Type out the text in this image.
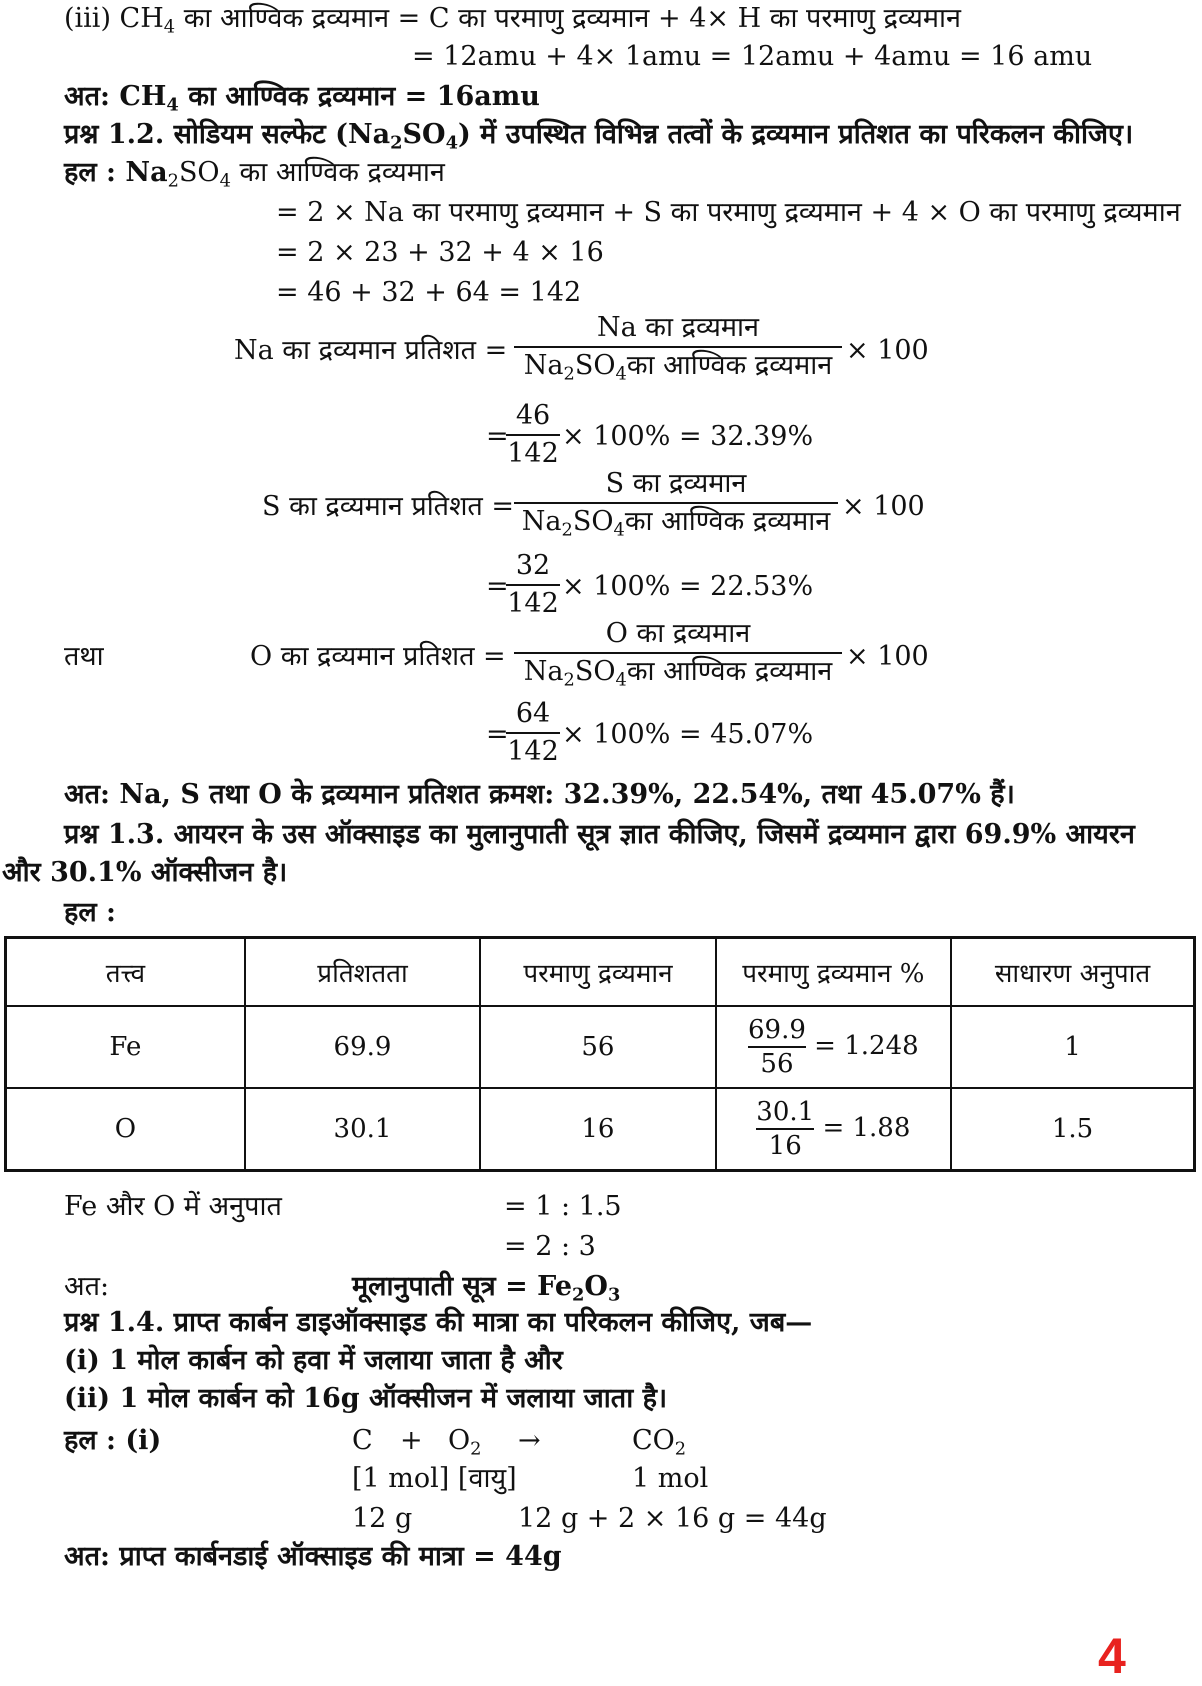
(iii) $CH_4$ का आण्विक द्रव्यमान = C का परमाणु द्रव्यमान + 4× H का परमाणु द्रव्यमान
= 12amu + 4× 1amu = 12amu + 4amu = 16 amu
अत: $CH_4$ का आण्विक द्रव्यमान = 16amu
प्रश्न 1.2. सोडियम सल्फेट $(Na_2SO_4)$ में उपस्थित विभिन्न तत्वों के द्रव्यमान प्रतिशत का परिकलन कीजिए।
हल : $Na_2SO_4$ का आण्विक द्रव्यमान
= 2 × Na का परमाणु द्रव्यमान + S का परमाणु द्रव्यमान + 4 × O का परमाणु द्रव्यमान
= 2 × 23 + 32 + 4 × 16
= 46 + 32 + 64 = 142
Na का द्रव्यमान प्रतिशत =
Na का द्रव्यमान
$Na_2SO_4का$ आण्विक द्रव्यमान × 100
=
46
142
× 100% = 32.39%
S का द्रव्यमान प्रतिशत =
S का द्रव्यमान
$Na_2SO_4का$ आण्विक द्रव्यमान × 100
=
32
142
× 100% = 22.53%
तथा	O का द्रव्यमान प्रतिशत =
O का द्रव्यमान
$Na_2SO_4का$ आण्विक द्रव्यमान × 100
=
64
142
× 100% = 45.07%
अत: Na, S तथा O के द्रव्यमान प्रतिशत क्रमश: 32.39%, 22.54%, तथा 45.07% हैं।
प्रश्न 1.3. आयरन के उस ऑक्साइड का मुलानुपाती सूत्र ज्ञात कीजिए, जिसमें द्रव्यमान द्वारा 69.9% आयरन
और 30.1% ऑक्सीजन है।
हल :
तत्त्व	प्रतिशतता	परमाणु द्रव्यमान	परमाणु द्रव्यमान %	साधारण अनुपात
Fe	69.9	56	$\frac{69.9}{56} = 1.248$	1
O	30.1	16	$\frac{30.1}{16} = 1.88$	1.5
Fe और O में अनुपात	= 1 : 1.5
= 2 : 3
अत:	मूलानुपाती सूत्र = $Fe_2O_3$
प्रश्न 1.4. प्राप्त कार्बन डाइऑक्साइड की मात्रा का परिकलन कीजिए, जब—
(i) 1 मोल कार्बन को हवा में जलाया जाता है और
(ii) 1 मोल कार्बन को 16g ऑक्सीजन में जलाया जाता है।
हल : (i)	$C + O_2$ →	$CO_2$
[1 mol] [वायु]	1 mol
12 g	12 g + 2 × 16 g = 44g
अत: प्राप्त कार्बनडाई ऑक्साइड की मात्रा = 44g
4
